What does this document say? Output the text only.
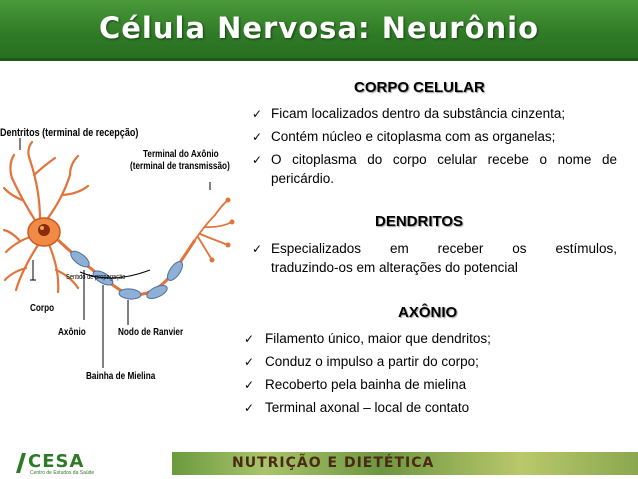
Célula Nervosa: Neurônio
Dentritos (terminal de recepção)
Terminal do Axônio
(terminal de transmissão)
Sentido de propagação
Corpo
Axônio	Nodo de Ranvier
Bainha de Mielina
CORPO CELULAR
✓ Ficam localizados dentro da substância cinzenta;
✓ Contém núcleo e citoplasma com as organelas;
✓ O citoplasma do corpo celular recebe o nome de
pericárdio.
DENDRITOS
✓ Especializados em receber os estímulos,
traduzindo-os em alterações do potencial
AXÔNIO
✓ Filamento único, maior que dendritos;
✓ Conduz o impulso a partir do corpo;
✓ Recoberto pela bainha de mielina
✓ Terminal axonal – local de contato
CESA
Centro de Estudos da Saúde
NUTRIÇÃO E DIETÉTICA
